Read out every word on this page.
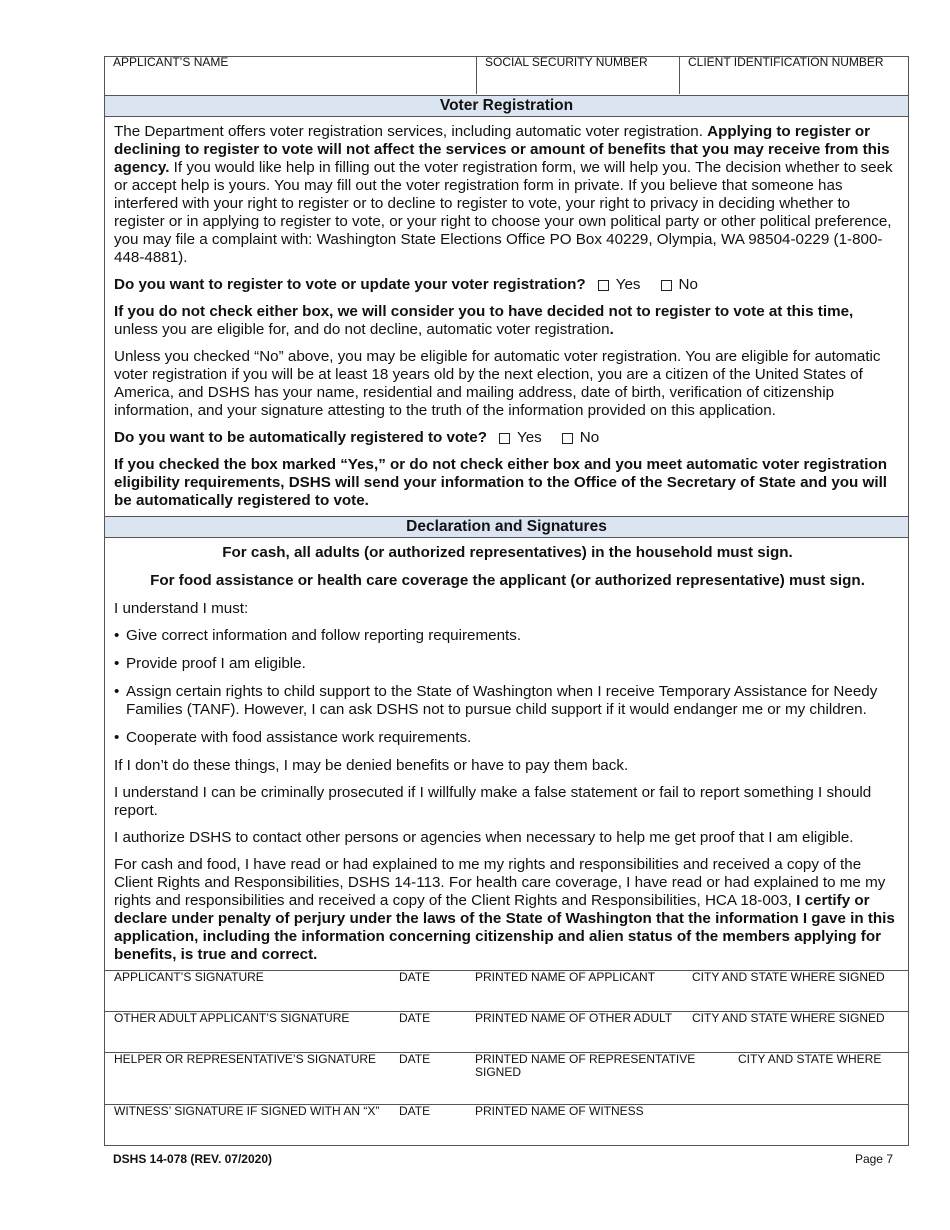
APPLICANT’S NAME	SOCIAL SECURITY NUMBER	CLIENT IDENTIFICATION NUMBER
Voter Registration

The Department offers voter registration services, including automatic voter registration. Applying to register or declining to register to vote will not affect the services or amount of benefits that you may receive from this agency. If you would like help in filling out the voter registration form, we will help you. The decision whether to seek or accept help is yours. You may fill out the voter registration form in private. If you believe that someone has interfered with your right to register or to decline to register to vote, your right to privacy in deciding whether to register or in applying to register to vote, or your right to choose your own political party or other political preference, you may file a complaint with: Washington State Elections Office PO Box 40229, Olympia, WA 98504-0229 (1-800-448-4881).

Do you want to register to vote or update your voter registration? Yes	No

If you do not check either box, we will consider you to have decided not to register to vote at this time, unless you are eligible for, and do not decline, automatic voter registration.

Unless you checked “No” above, you may be eligible for automatic voter registration. You are eligible for automatic voter registration if you will be at least 18 years old by the next election, you are a citizen of the United States of America, and DSHS has your name, residential and mailing address, date of birth, verification of citizenship information, and your signature attesting to the truth of the information provided on this application.

Do you want to be automatically registered to vote? Yes	No

If you checked the box marked “Yes,” or do not check either box and you meet automatic voter registration eligibility requirements, DSHS will send your information to the Office of the Secretary of State and you will be automatically registered to vote.

Declaration and Signatures

For cash, all adults (or authorized representatives) in the household must sign.

For food assistance or health care coverage the applicant (or authorized representative) must sign.

I understand I must:

• Give correct information and follow reporting requirements.
• Provide proof I am eligible.
• Assign certain rights to child support to the State of Washington when I receive Temporary Assistance for Needy Families (TANF). However, I can ask DSHS not to pursue child support if it would endanger me or my children.
• Cooperate with food assistance work requirements.

If I don’t do these things, I may be denied benefits or have to pay them back.

I understand I can be criminally prosecuted if I willfully make a false statement or fail to report something I should report.

I authorize DSHS to contact other persons or agencies when necessary to help me get proof that I am eligible.

For cash and food, I have read or had explained to me my rights and responsibilities and received a copy of the Client Rights and Responsibilities, DSHS 14-113. For health care coverage, I have read or had explained to me my rights and responsibilities and received a copy of the Client Rights and Responsibilities, HCA 18-003, I certify or declare under penalty of perjury under the laws of the State of Washington that the information I gave in this application, including the information concerning citizenship and alien status of the members applying for benefits, is true and correct.

APPLICANT’S SIGNATURE	DATE	PRINTED NAME OF APPLICANT	CITY AND STATE WHERE SIGNED
OTHER ADULT APPLICANT’S SIGNATURE	DATE	PRINTED NAME OF OTHER ADULT	CITY AND STATE WHERE SIGNED
HELPER OR REPRESENTATIVE’S SIGNATURE	DATE	PRINTED NAME OF REPRESENTATIVE	CITY AND STATE WHERE
SIGNED
WITNESS’ SIGNATURE IF SIGNED WITH AN “X”	DATE	PRINTED NAME OF WITNESS
DSHS 14-078 (REV. 07/2020)	Page 7
